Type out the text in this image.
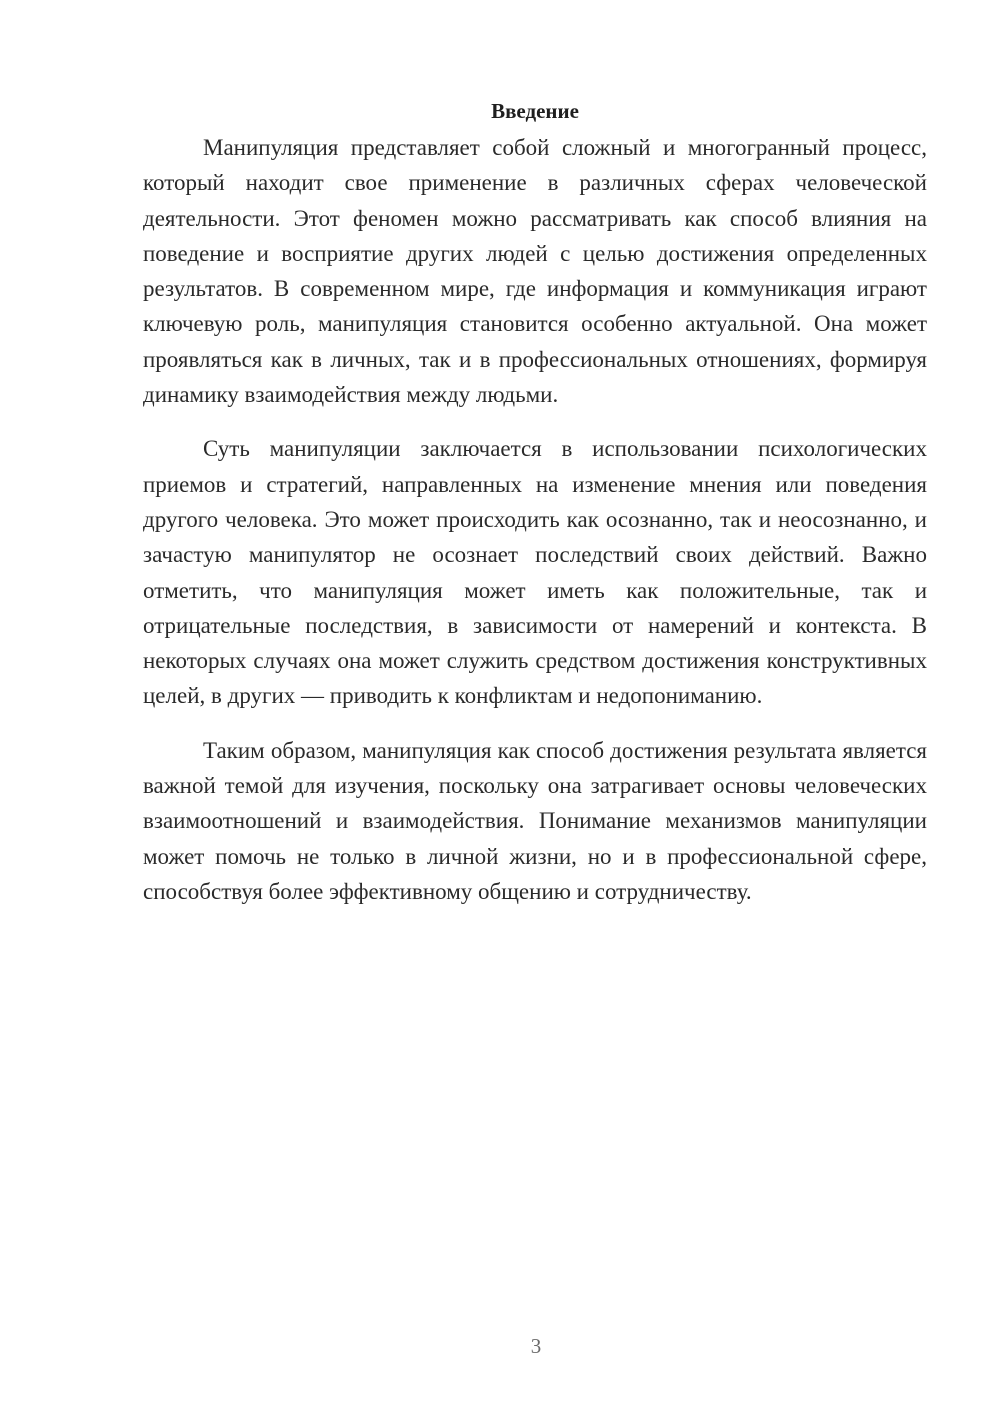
Введение

Манипуляция представляет собой сложный и многогранный процесс, который находит свое применение в различных сферах человеческой деятельности. Этот феномен можно рассматривать как способ влияния на поведение и восприятие других людей с целью достижения определенных результатов. В современном мире, где информация и коммуникация играют ключевую роль, манипуляция становится особенно актуальной. Она может проявляться как в личных, так и в профессиональных отношениях, формируя динамику взаимодействия между людьми.

Суть манипуляции заключается в использовании психологических приемов и стратегий, направленных на изменение мнения или поведения другого человека. Это может происходить как осознанно, так и неосознанно, и зачастую манипулятор не осознает последствий своих действий. Важно отметить, что манипуляция может иметь как положительные, так и отрицательные последствия, в зависимости от намерений и контекста. В некоторых случаях она может служить средством достижения конструктивных целей, в других — приводить к конфликтам и недопониманию.

Таким образом, манипуляция как способ достижения результата является важной темой для изучения, поскольку она затрагивает основы человеческих взаимоотношений и взаимодействия. Понимание механизмов манипуляции может помочь не только в личной жизни, но и в профессиональной сфере, способствуя более эффективному общению и сотрудничеству.

3
